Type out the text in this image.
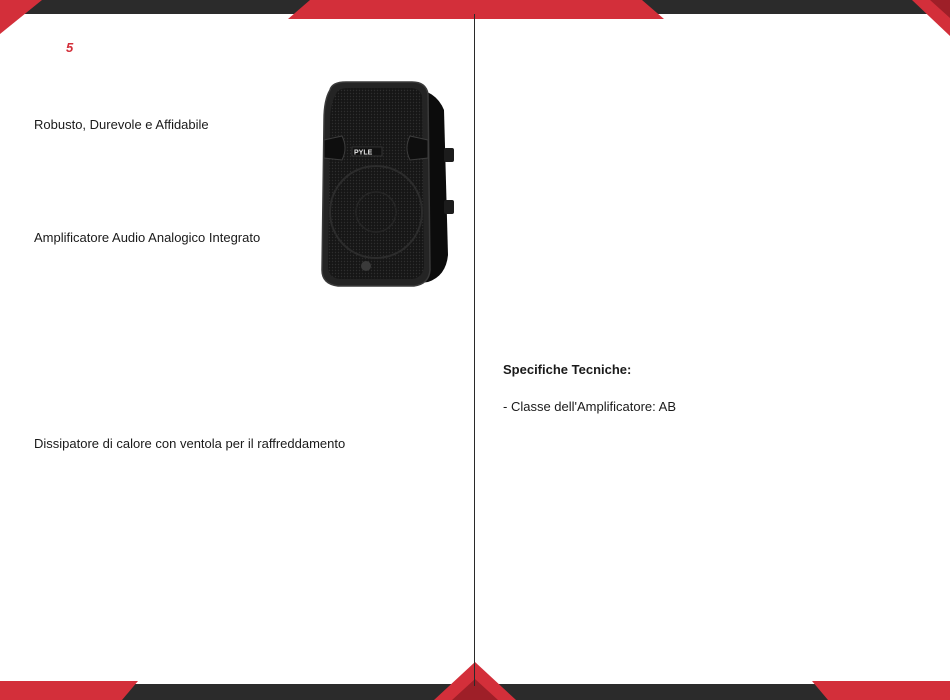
5
Robusto, Durevole e Affidabile
Amplificatore Audio Analogico Integrato
Dissipatore di calore con ventola per il raffreddamento
PYLE
Specifiche Tecniche:
- Classe dell'Amplificatore: AB
